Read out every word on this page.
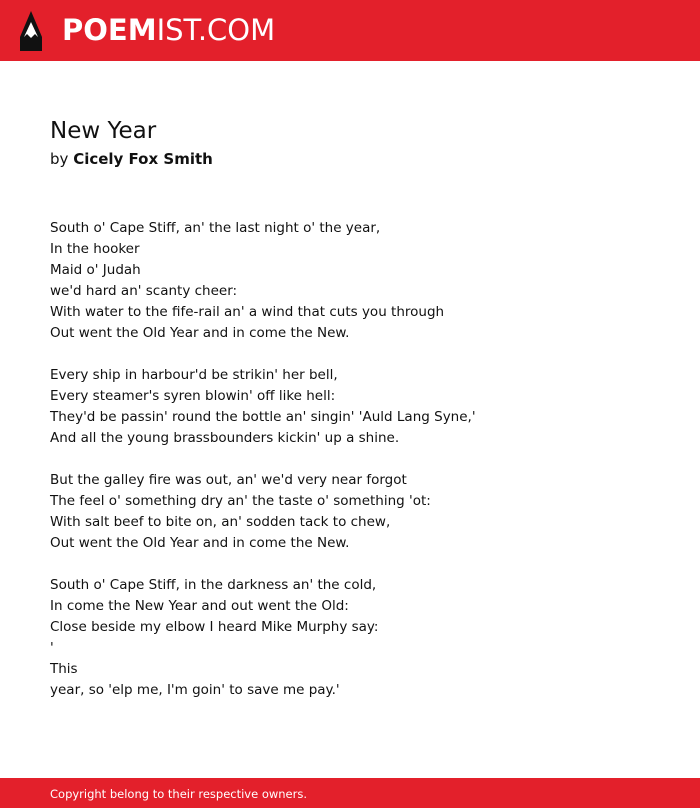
POEMIST.COM
New Year
by Cicely Fox Smith
South o' Cape Stiff, an' the last night o' the year,
In the hooker
Maid o' Judah
we'd hard an' scanty cheer:
With water to the fife-rail an' a wind that cuts you through
Out went the Old Year and in come the New.
Every ship in harbour'd be strikin' her bell,
Every steamer's syren blowin' off like hell:
They'd be passin' round the bottle an' singin' 'Auld Lang Syne,'
And all the young brassbounders kickin' up a shine.
But the galley fire was out, an' we'd very near forgot
The feel o' something dry an' the taste o' something 'ot:
With salt beef to bite on, an' sodden tack to chew,
Out went the Old Year and in come the New.
South o' Cape Stiff, in the darkness an' the cold,
In come the New Year and out went the Old:
Close beside my elbow I heard Mike Murphy say:
'
This
year, so 'elp me, I'm goin' to save me pay.'
Copyright belong to their respective owners.
